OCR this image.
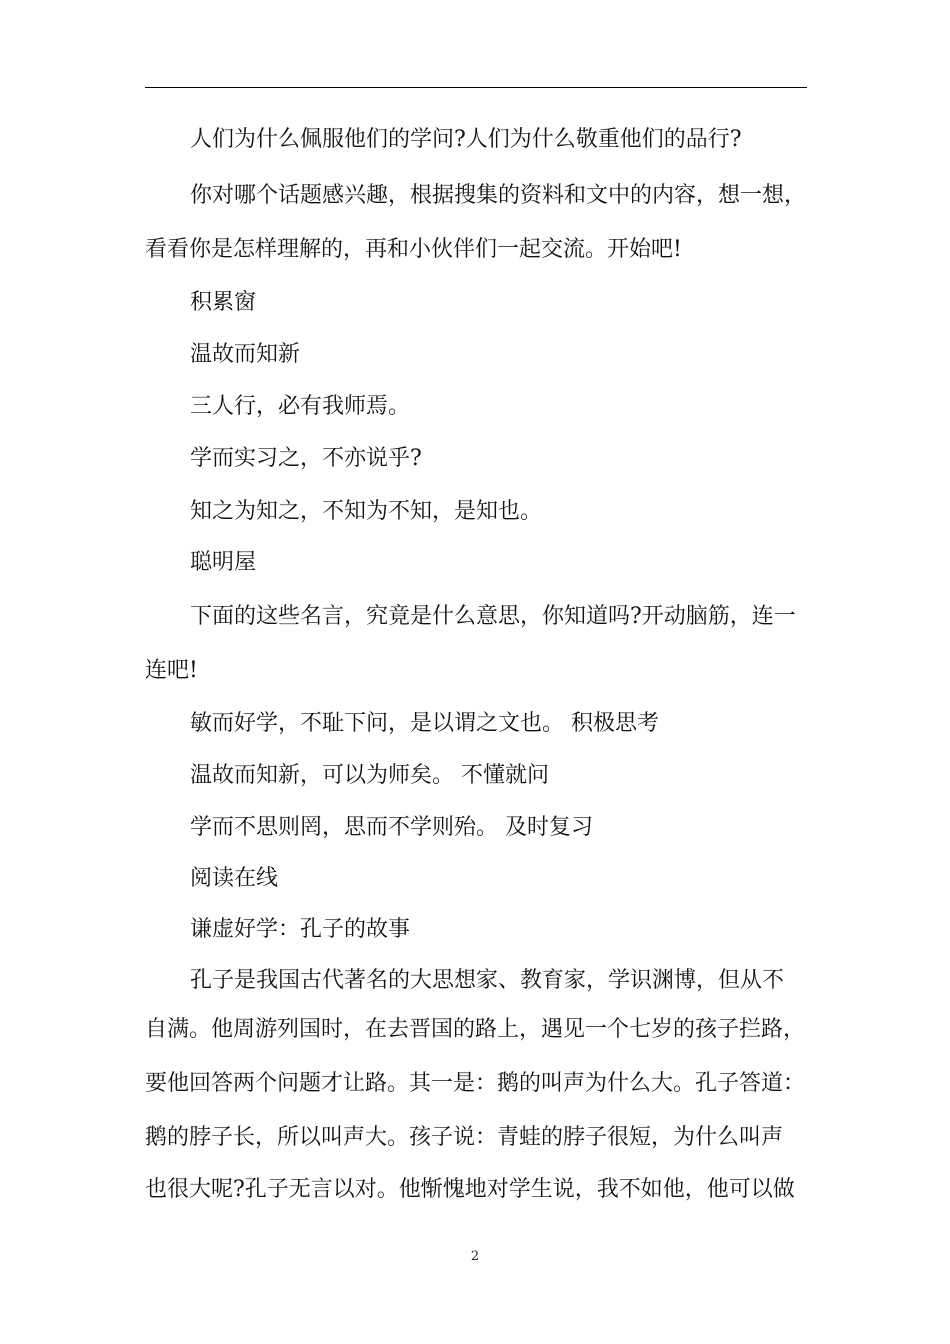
人们为什么佩服他们的学问?人们为什么敬重他们的品行?
你对哪个话题感兴趣，根据搜集的资料和文中的内容，想一想，
看看你是怎样理解的，再和小伙伴们一起交流。开始吧!
积累窗
温故而知新
三人行，必有我师焉。
学而实习之，不亦说乎?
知之为知之，不知为不知，是知也。
聪明屋
下面的这些名言，究竟是什么意思，你知道吗?开动脑筋，连一
连吧!
敏而好学，不耻下问，是以谓之文也。 积极思考
温故而知新，可以为师矣。 不懂就问
学而不思则罔，思而不学则殆。 及时复习
阅读在线
谦虚好学：孔子的故事
孔子是我国古代著名的大思想家、教育家，学识渊博，但从不
自满。他周游列国时，在去晋国的路上，遇见一个七岁的孩子拦路，
要他回答两个问题才让路。其一是：鹅的叫声为什么大。孔子答道：
鹅的脖子长，所以叫声大。孩子说：青蛙的脖子很短，为什么叫声
也很大呢?孔子无言以对。他惭愧地对学生说，我不如他，他可以做
2
